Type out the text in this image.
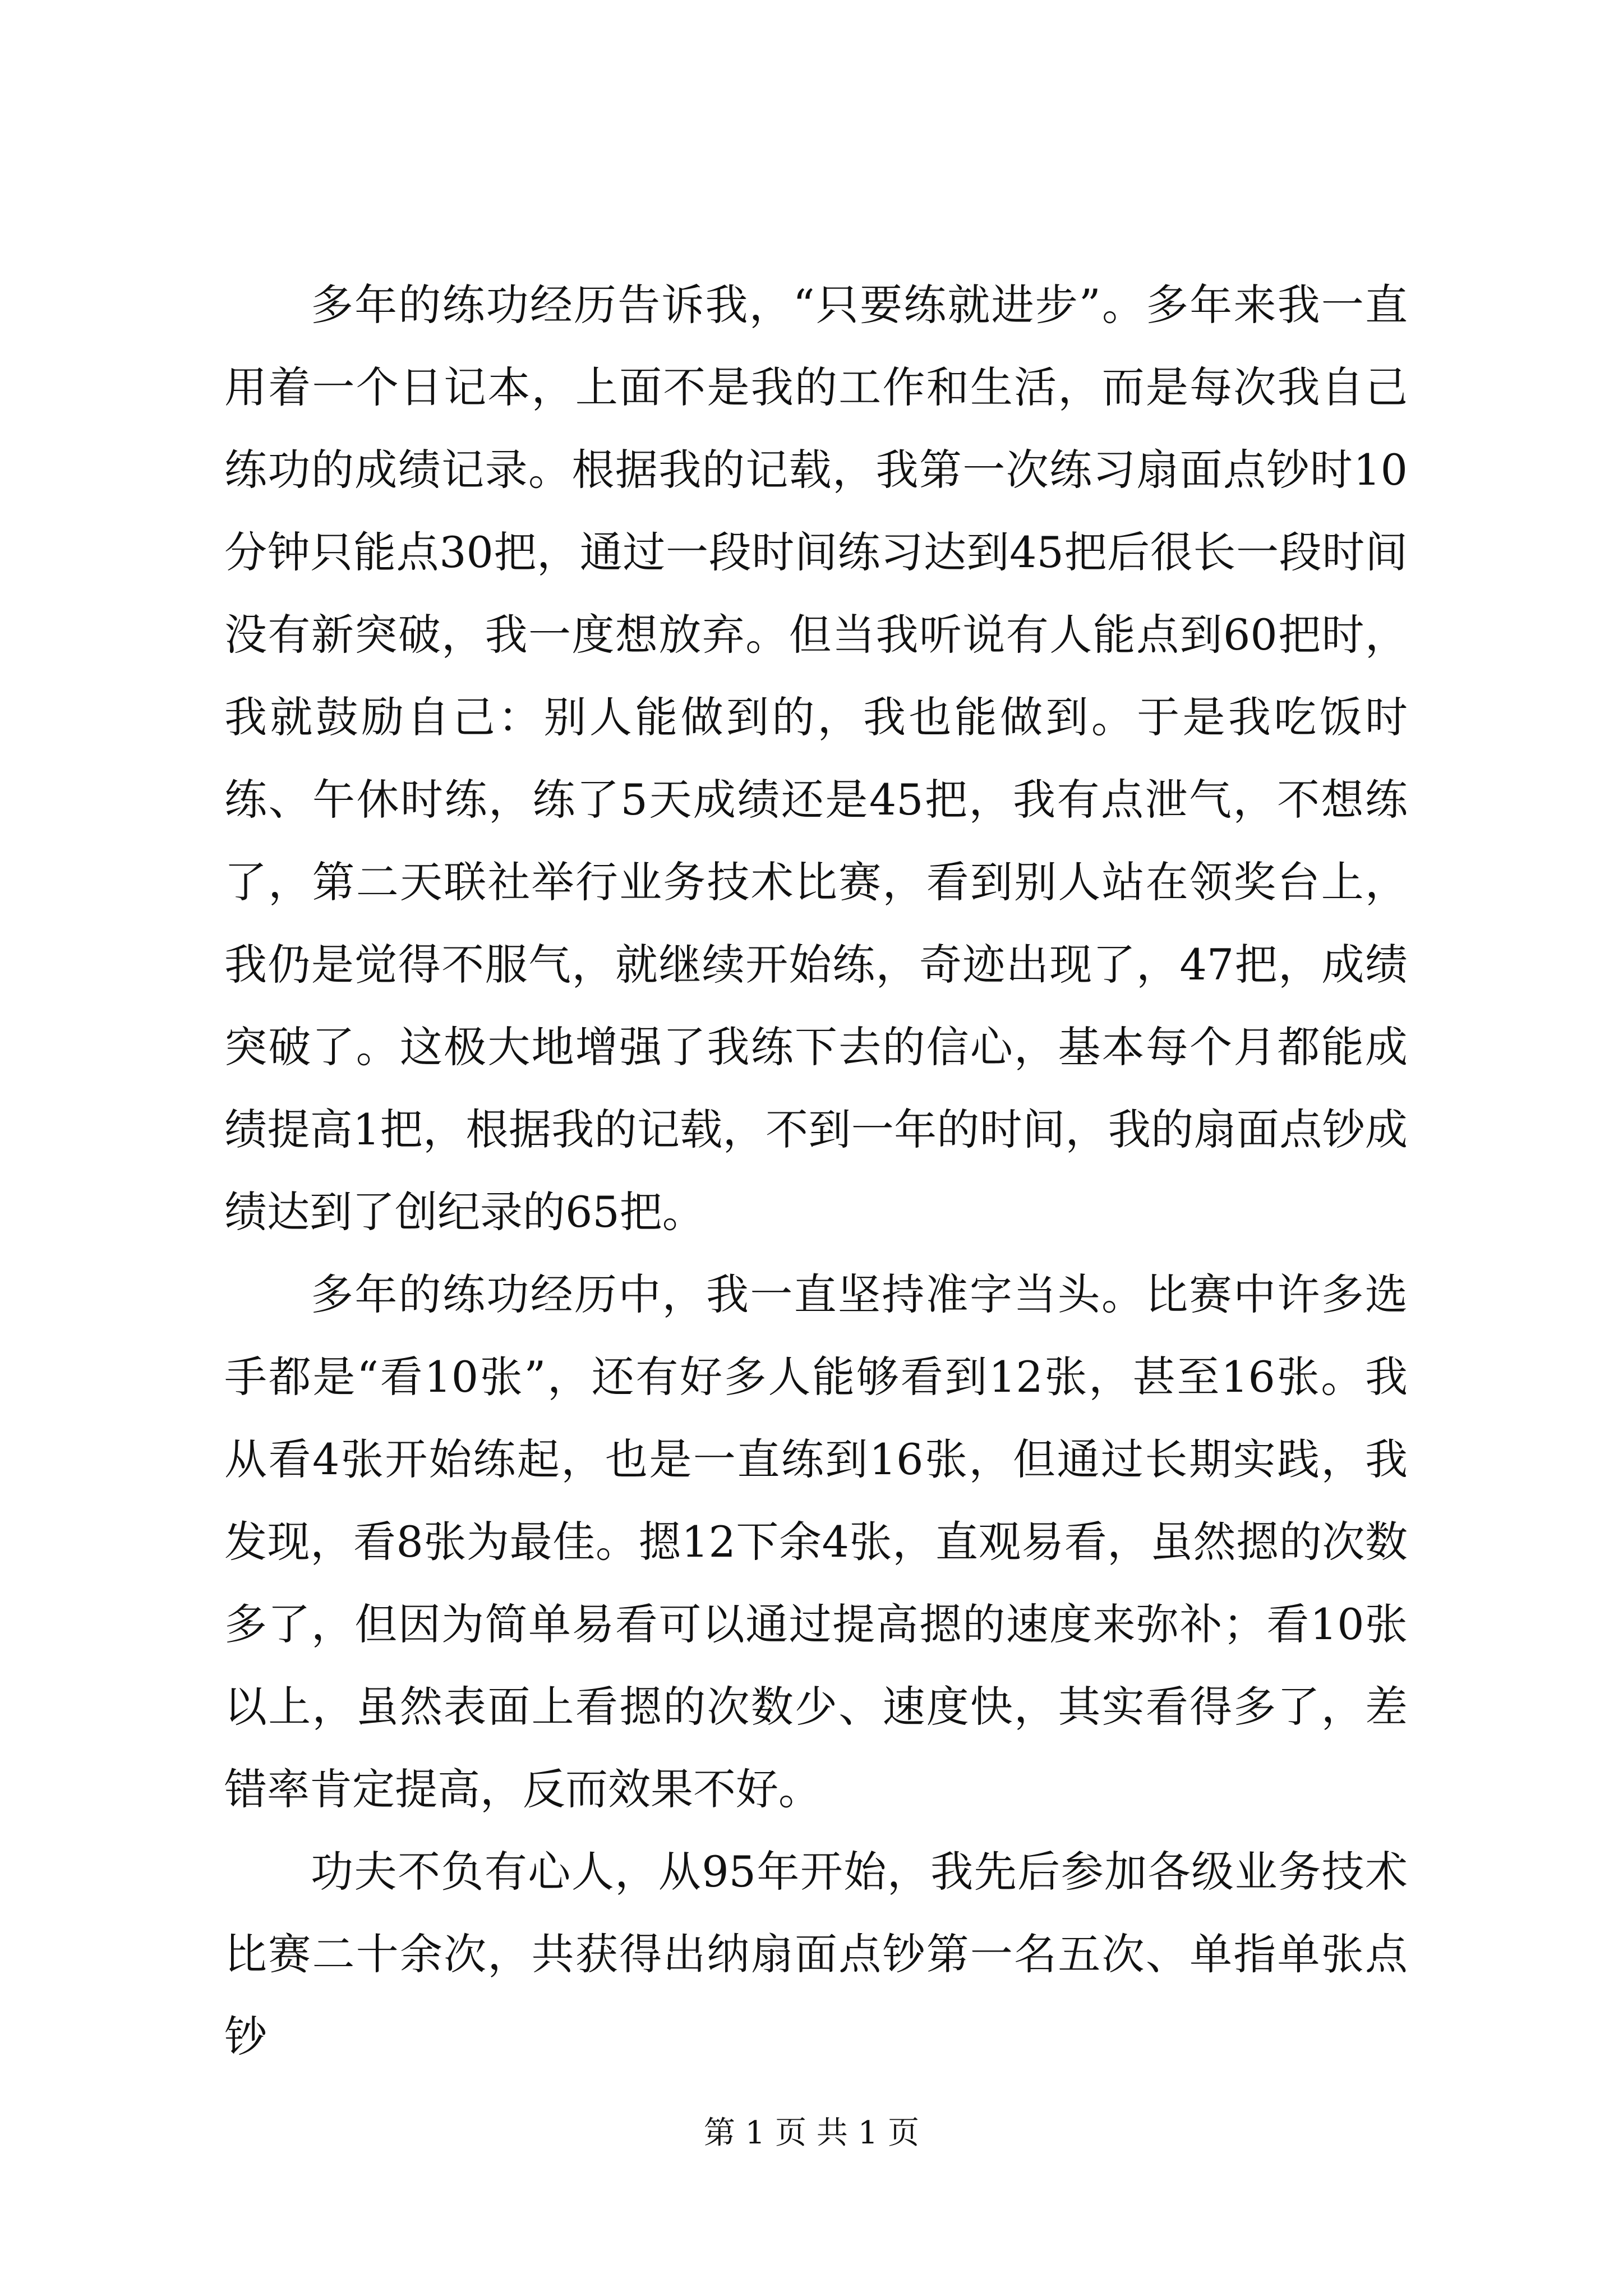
多年的练功经历告诉我，“只要练就进步”。多年来我一直用着一个日记本，上面不是我的工作和生活，而是每次我自己练功的成绩记录。根据我的记载，我第一次练习扇面点钞时10分钟只能点30把，通过一段时间练习达到45把后很长一段时间没有新突破，我一度想放弃。但当我听说有人能点到60把时，我就鼓励自己：别人能做到的，我也能做到。于是我吃饭时练、午休时练，练了5天成绩还是45把，我有点泄气，不想练了，第二天联社举行业务技术比赛，看到别人站在领奖台上，我仍是觉得不服气，就继续开始练，奇迹出现了，47把，成绩突破了。这极大地增强了我练下去的信心，基本每个月都能成绩提高1把，根据我的记载，不到一年的时间，我的扇面点钞成绩达到了创纪录的65把。

多年的练功经历中，我一直坚持准字当头。比赛中许多选手都是“看10张”，还有好多人能够看到12张，甚至16张。我从看4张开始练起，也是一直练到16张，但通过长期实践，我发现，看8张为最佳。摁12下余4张，直观易看，虽然摁的次数多了，但因为简单易看可以通过提高摁的速度来弥补；看10张以上，虽然表面上看摁的次数少、速度快，其实看得多了，差错率肯定提高，反而效果不好。

功夫不负有心人，从95年开始，我先后参加各级业务技术比赛二十余次，共获得出纳扇面点钞第一名五次、单指单张点钞

第 1 页 共 1 页
